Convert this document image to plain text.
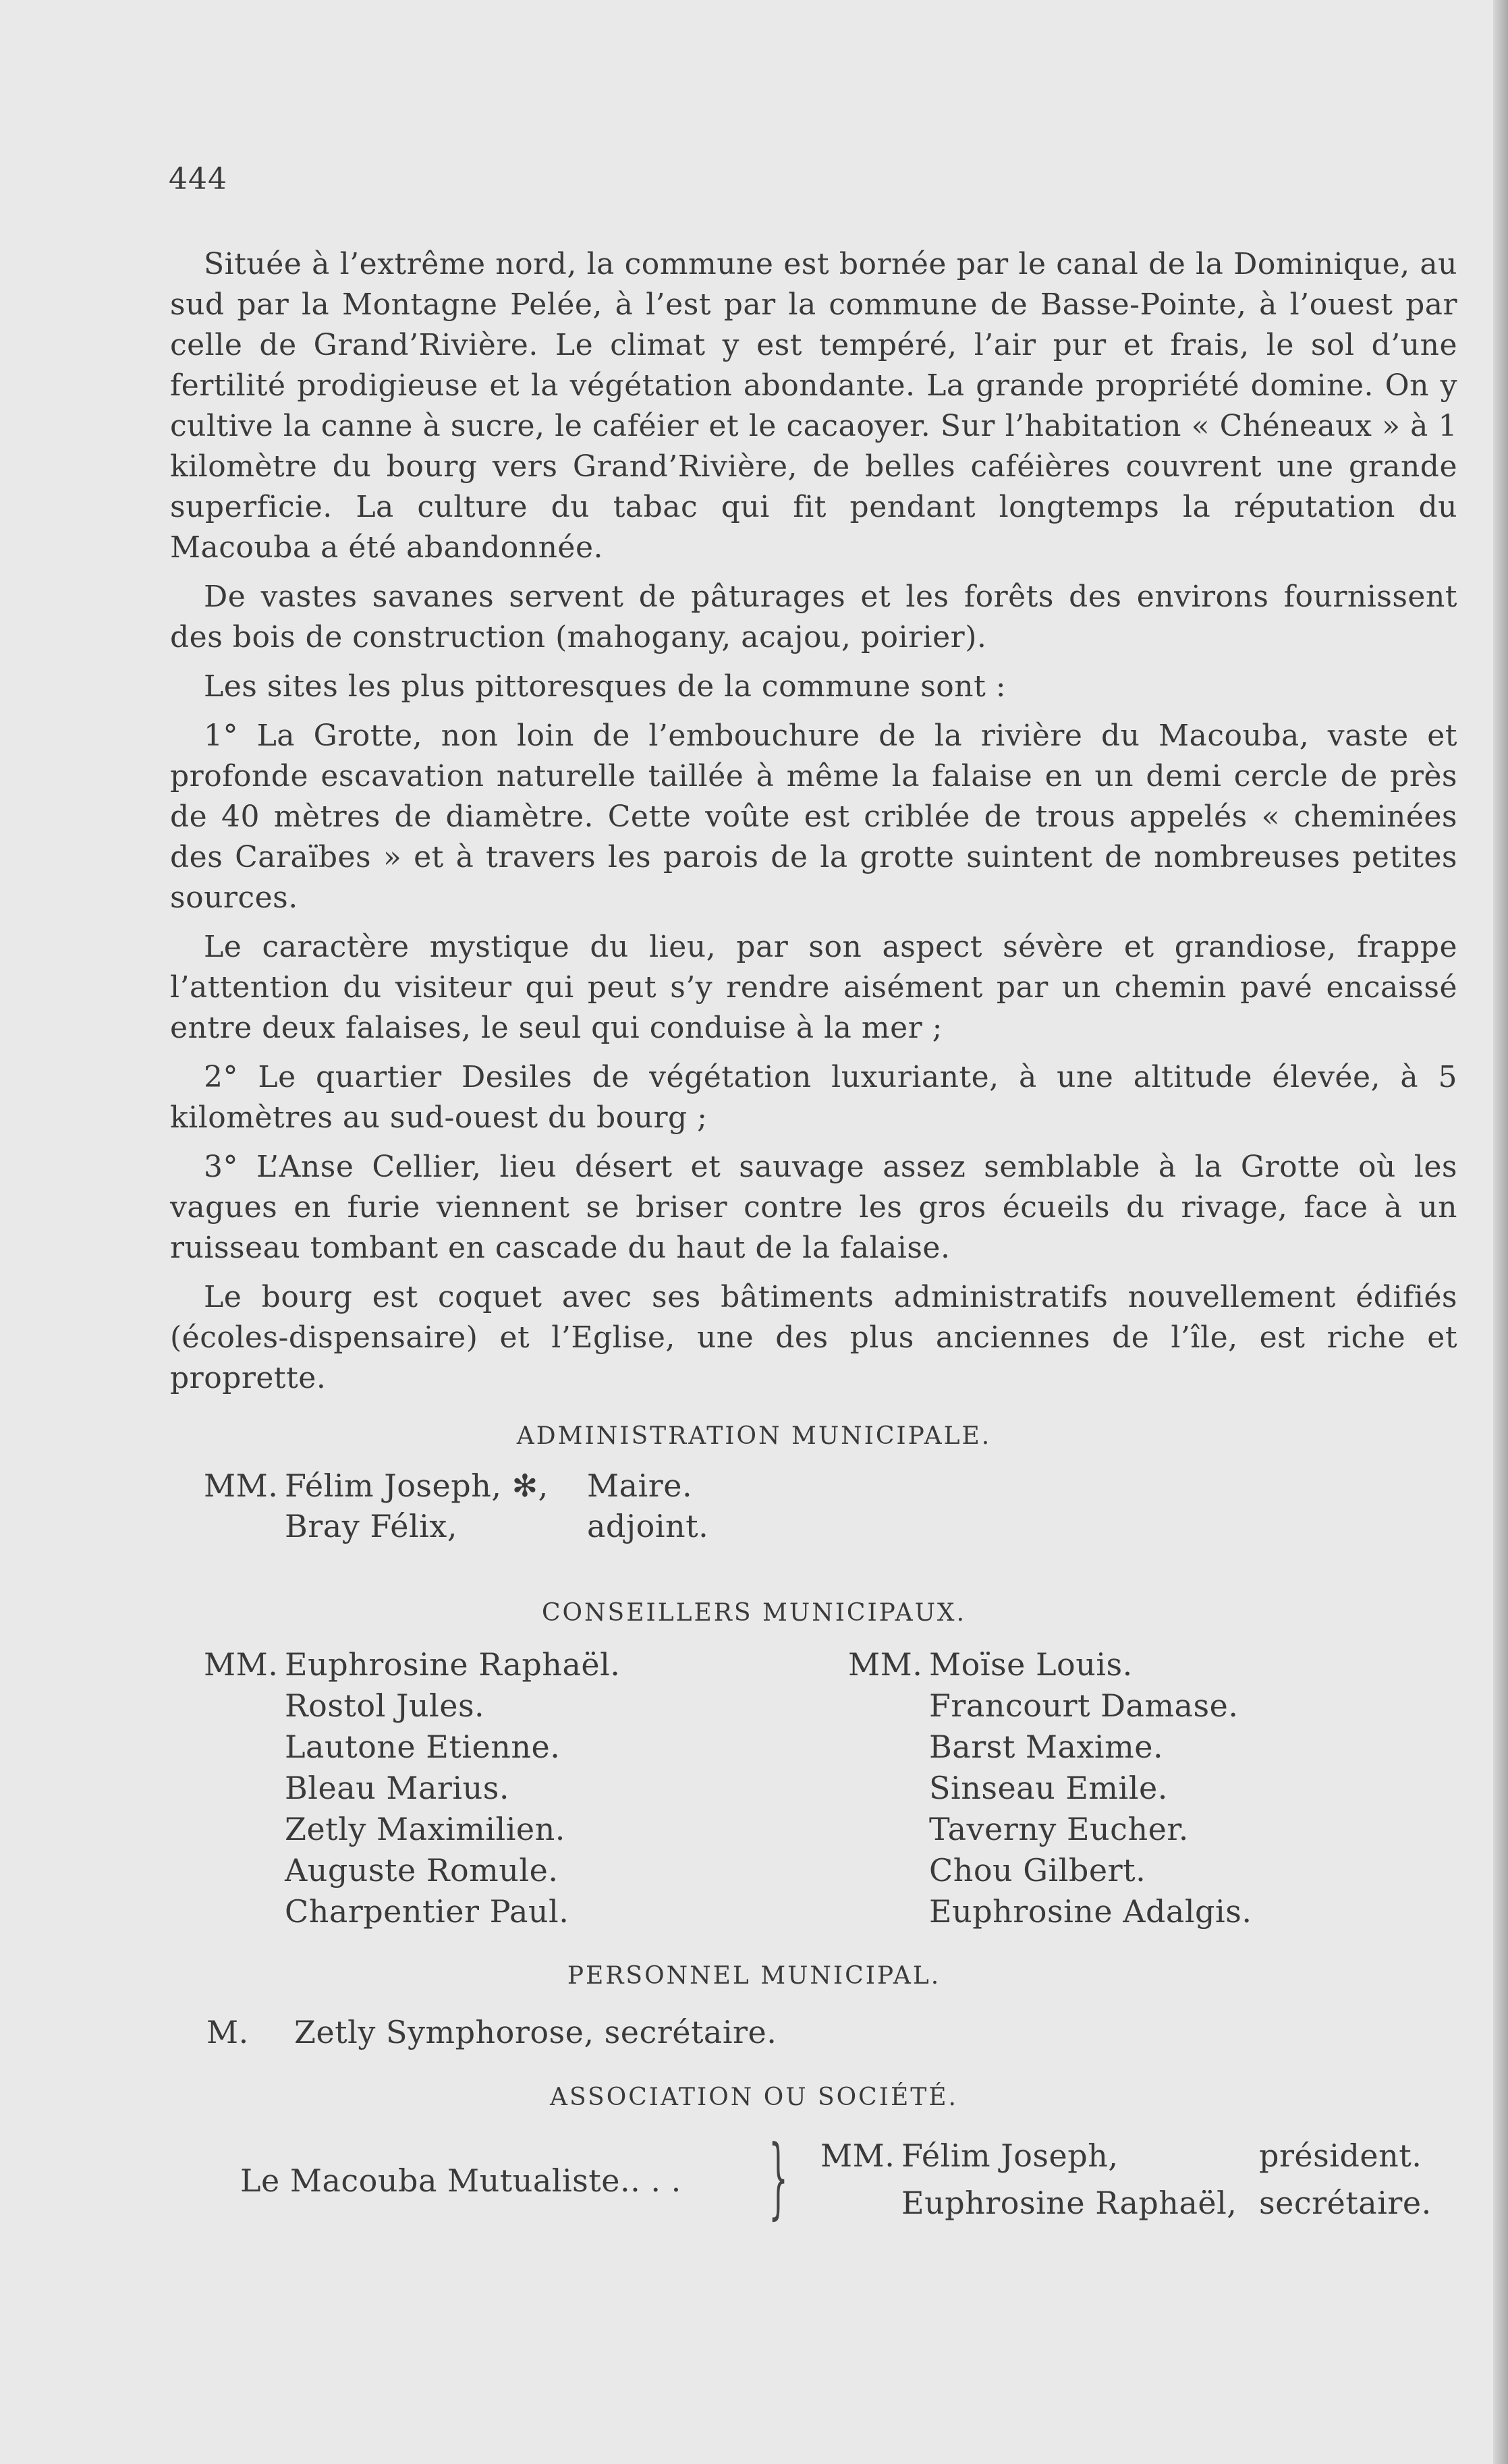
444

Située à l’extrême nord, la commune est bornée par le canal de la Dominique, au sud par la Montagne Pelée, à l’est par la commune de Basse-Pointe, à l’ouest par celle de Grand’Rivière. Le climat y est tempéré, l’air pur et frais, le sol d’une fertilité prodigieuse et la végétation abondante. La grande propriété domine. On y cultive la canne à sucre, le caféier et le cacaoyer. Sur l’habitation « Chéneaux » à 1 kilomètre du bourg vers Grand’Rivière, de belles caféières couvrent une grande superficie. La culture du tabac qui fit pendant longtemps la réputation du Macouba a été abandonnée.

De vastes savanes servent de pâturages et les forêts des environs fournissent des bois de construction (mahogany, acajou, poirier).

Les sites les plus pittoresques de la commune sont :

1° La Grotte, non loin de l’embouchure de la rivière du Macouba, vaste et profonde escavation naturelle taillée à même la falaise en un demi cercle de près de 40 mètres de diamètre. Cette voûte est criblée de trous appelés « cheminées des Caraïbes » et à travers les parois de la grotte suintent de nombreuses petites sources.

Le caractère mystique du lieu, par son aspect sévère et grandiose, frappe l’attention du visiteur qui peut s’y rendre aisément par un chemin pavé encaissé entre deux falaises, le seul qui conduise à la mer ;

2° Le quartier Desiles de végétation luxuriante, à une altitude élevée, à 5 kilomètres au sud-ouest du bourg ;

3° L’Anse Cellier, lieu désert et sauvage assez semblable à la Grotte où les vagues en furie viennent se briser contre les gros écueils du rivage, face à un ruisseau tombant en cascade du haut de la falaise.

Le bourg est coquet avec ses bâtiments administratifs nouvellement édifiés (écoles-dispensaire) et l’Eglise, une des plus anciennes de l’île, est riche et proprette.

ADMINISTRATION MUNICIPALE.
MM. Félim Joseph, ✻,	Maire.
Bray Félix,	adjoint.
CONSEILLERS MUNICIPAUX.
MM. Euphrosine Raphaël.
Rostol Jules.
Lautone Etienne.
Bleau Marius.
Zetly Maximilien.
Auguste Romule.
Charpentier Paul.
MM. Moïse Louis.
Francourt Damase.
Barst Maxime.
Sinseau Emile.
Taverny Eucher.
Chou Gilbert.
Euphrosine Adalgis.
PERSONNEL MUNICIPAL.
M. Zetly Symphorose, secrétaire.
ASSOCIATION OU SOCIÉTÉ.
Le Macouba Mutualiste.. . . } MM. Félim Joseph,	président.
Euphrosine Raphaël, secrétaire.
